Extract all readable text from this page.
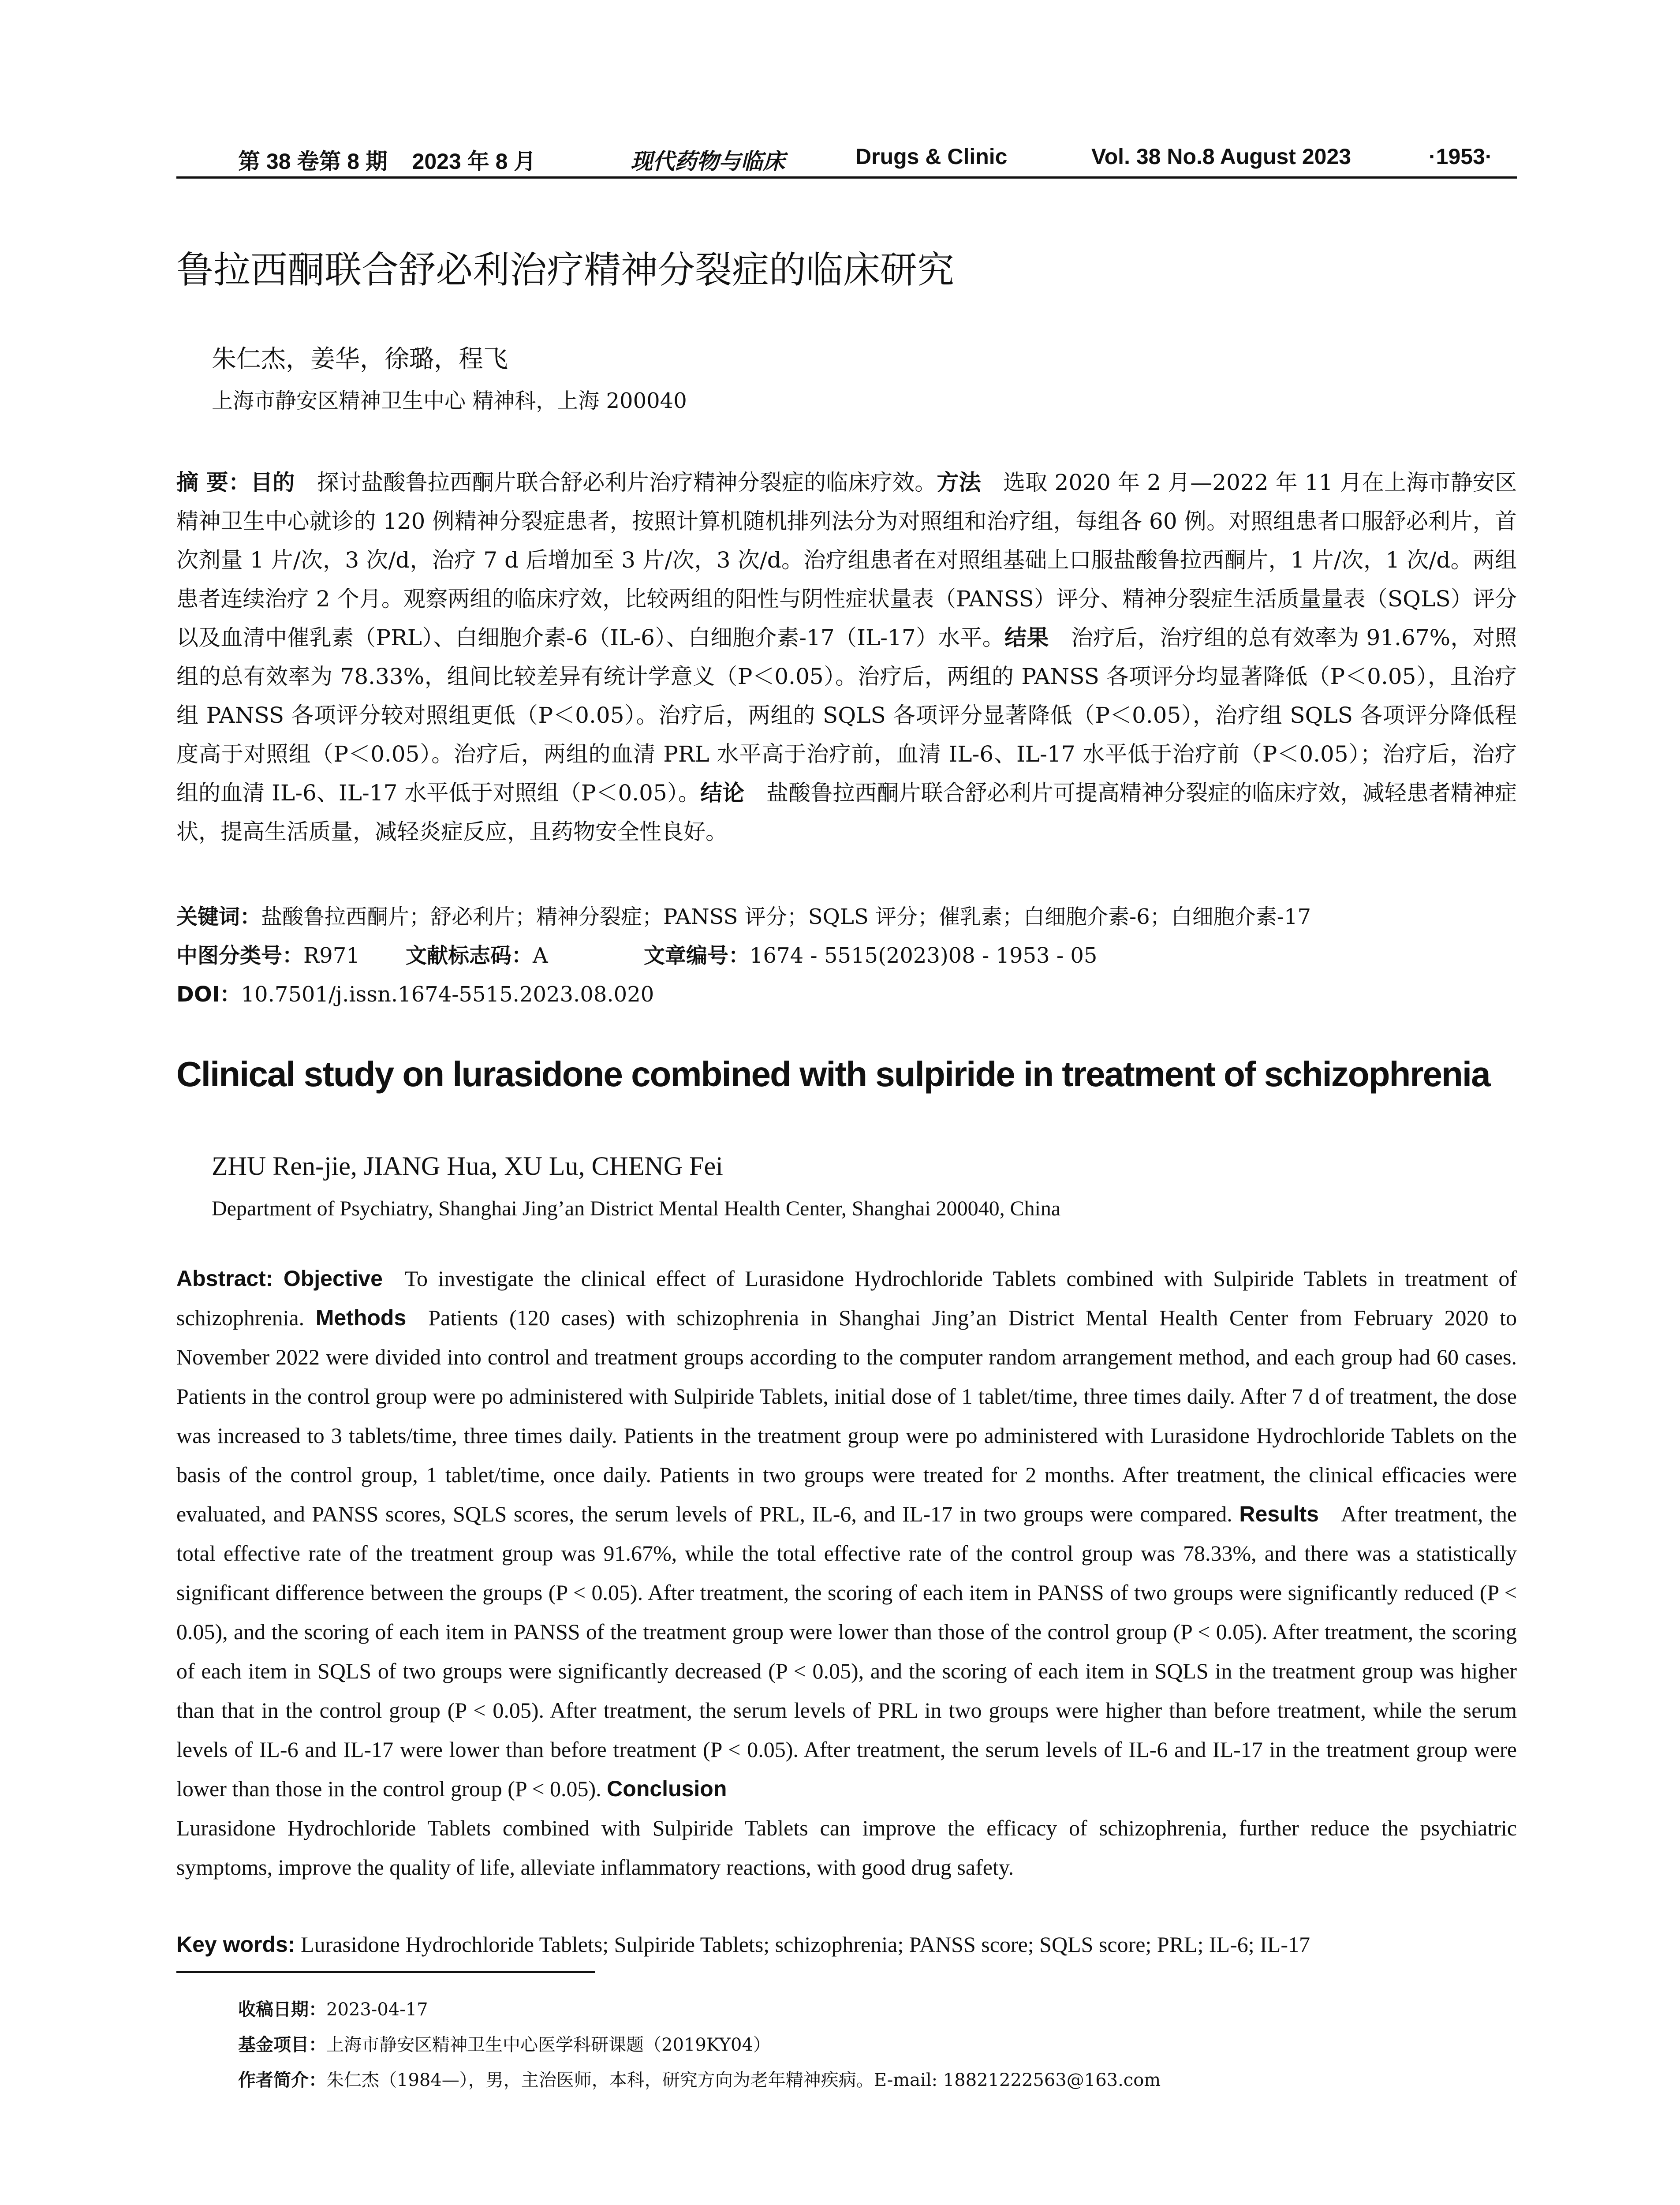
第 38 卷第 8 期    2023 年 8 月	现代药物与临床	Drugs & Clinic	Vol. 38 No.8 August 2023	·1953·
鲁拉西酮联合舒必利治疗精神分裂症的临床研究
朱仁杰，姜华，徐璐，程飞
上海市静安区精神卫生中心 精神科，上海 200040
摘 要：目的 探讨盐酸鲁拉西酮片联合舒必利片治疗精神分裂症的临床疗效。方法 选取 2020 年 2 月—2022 年 11 月在上海市静安区精神卫生中心就诊的 120 例精神分裂症患者，按照计算机随机排列法分为对照组和治疗组，每组各 60 例。对照组患者口服舒必利片，首次剂量 1 片/次，3 次/d，治疗 7 d 后增加至 3 片/次，3 次/d。治疗组患者在对照组基础上口服盐酸鲁拉西酮片，1 片/次，1 次/d。两组患者连续治疗 2 个月。观察两组的临床疗效，比较两组的阳性与阴性症状量表（PANSS）评分、精神分裂症生活质量量表（SQLS）评分以及血清中催乳素（PRL）、白细胞介素-6（IL-6）、白细胞介素-17（IL-17）水平。结果 治疗后，治疗组的总有效率为 91.67%，对照组的总有效率为 78.33%，组间比较差异有统计学意义（P＜0.05）。治疗后，两组的 PANSS 各项评分均显著降低（P＜0.05），且治疗组 PANSS 各项评分较对照组更低（P＜0.05）。治疗后，两组的 SQLS 各项评分显著降低（P＜0.05），治疗组 SQLS 各项评分降低程度高于对照组（P＜0.05）。治疗后，两组的血清 PRL 水平高于治疗前，血清 IL-6、IL-17 水平低于治疗前（P＜0.05）；治疗后，治疗组的血清 IL-6、IL-17 水平低于对照组（P＜0.05）。结论 盐酸鲁拉西酮片联合舒必利片可提高精神分裂症的临床疗效，减轻患者精神症状，提高生活质量，减轻炎症反应，且药物安全性良好。
关键词：盐酸鲁拉西酮片；舒必利片；精神分裂症；PANSS 评分；SQLS 评分；催乳素；白细胞介素-6；白细胞介素-17
中图分类号：R971 文献标志码：A	文章编号：1674 - 5515(2023)08 - 1953 - 05
DOI：10.7501/j.issn.1674-5515.2023.08.020
Clinical study on lurasidone combined with sulpiride in treatment of schizophrenia
ZHU Ren-jie, JIANG Hua, XU Lu, CHENG Fei
Department of Psychiatry, Shanghai Jing’an District Mental Health Center, Shanghai 200040, China
Abstract: Objective To investigate the clinical effect of Lurasidone Hydrochloride Tablets combined with Sulpiride Tablets in treatment of schizophrenia. Methods Patients (120 cases) with schizophrenia in Shanghai Jing’an District Mental Health Center from February 2020 to November 2022 were divided into control and treatment groups according to the computer random arrangement method, and each group had 60 cases. Patients in the control group were po administered with Sulpiride Tablets, initial dose of 1 tablet/time, three times daily. After 7 d of treatment, the dose was increased to 3 tablets/time, three times daily. Patients in the treatment group were po administered with Lurasidone Hydrochloride Tablets on the basis of the control group, 1 tablet/time, once daily. Patients in two groups were treated for 2 months. After treatment, the clinical efficacies were evaluated, and PANSS scores, SQLS scores, the serum levels of PRL, IL-6, and IL-17 in two groups were compared. Results After treatment, the total effective rate of the treatment group was 91.67%, while the total effective rate of the control group was 78.33%, and there was a statistically significant difference between the groups (P < 0.05). After treatment, the scoring of each item in PANSS of two groups were significantly reduced (P < 0.05), and the scoring of each item in PANSS of the treatment group were lower than those of the control group (P < 0.05). After treatment, the scoring of each item in SQLS of two groups were significantly decreased (P < 0.05), and the scoring of each item in SQLS in the treatment group was higher than that in the control group (P < 0.05). After treatment, the serum levels of PRL in two groups were higher than before treatment, while the serum levels of IL-6 and IL-17 were lower than before treatment (P < 0.05). After treatment, the serum levels of IL-6 and IL-17 in the treatment group were lower than those in the control group (P < 0.05). Conclusion
Lurasidone Hydrochloride Tablets combined with Sulpiride Tablets can improve the efficacy of schizophrenia, further reduce the psychiatric symptoms, improve the quality of life, alleviate inflammatory reactions, with good drug safety.
Key words: Lurasidone Hydrochloride Tablets; Sulpiride Tablets; schizophrenia; PANSS score; SQLS score; PRL; IL-6; IL-17
收稿日期：2023-04-17
基金项目：上海市静安区精神卫生中心医学科研课题（2019KY04）
作者简介：朱仁杰（1984—），男，主治医师，本科，研究方向为老年精神疾病。E-mail: 18821222563@163.com
